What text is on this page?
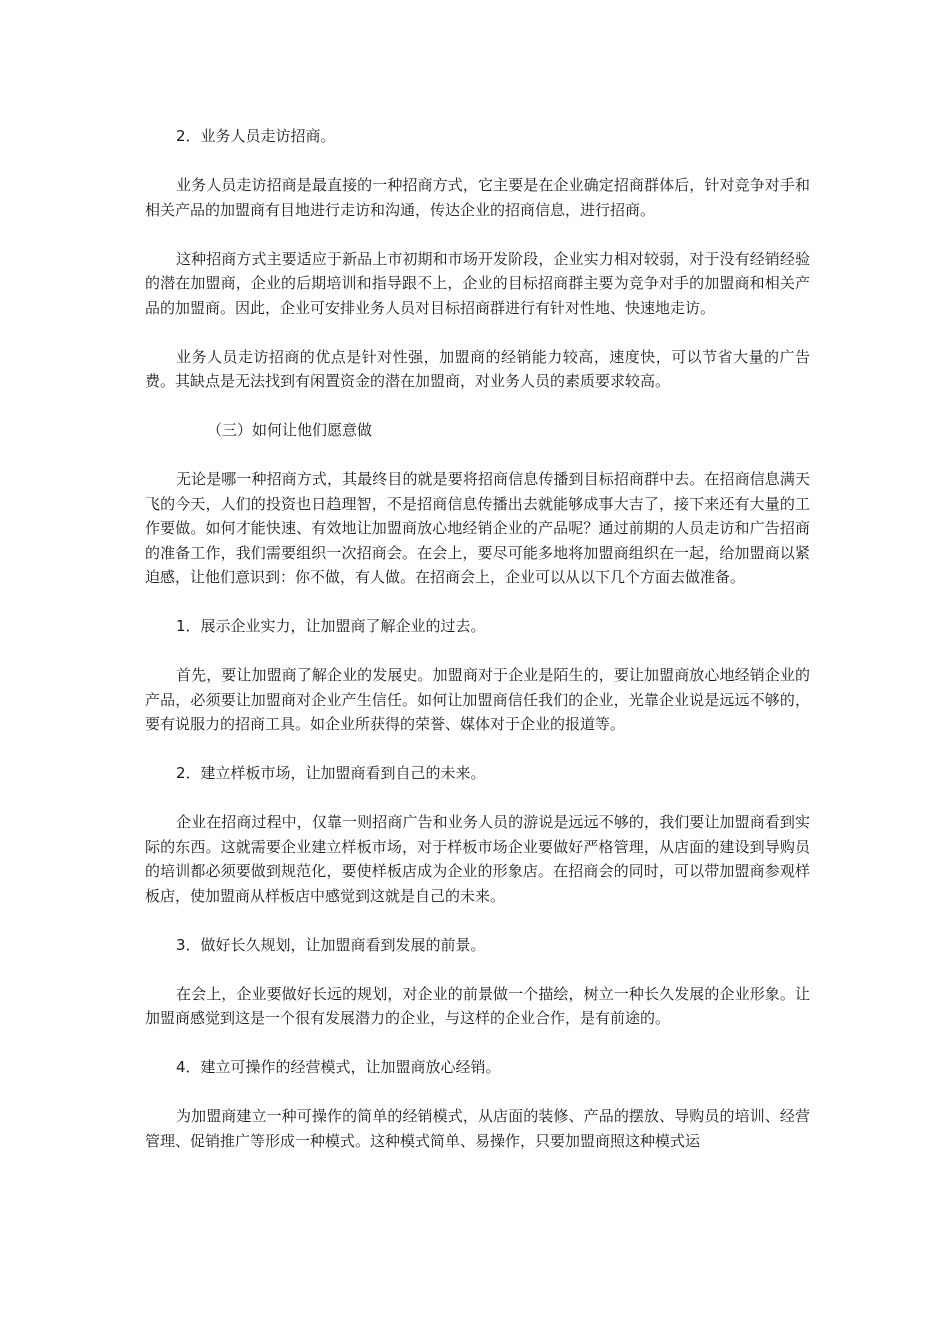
2．业务人员走访招商。

业务人员走访招商是最直接的一种招商方式，它主要是在企业确定招商群体后，针对竞争对手和相关产品的加盟商有目地进行走访和沟通，传达企业的招商信息，进行招商。

这种招商方式主要适应于新品上市初期和市场开发阶段，企业实力相对较弱，对于没有经销经验的潜在加盟商，企业的后期培训和指导跟不上，企业的目标招商群主要为竞争对手的加盟商和相关产品的加盟商。因此，企业可安排业务人员对目标招商群进行有针对性地、快速地走访。

业务人员走访招商的优点是针对性强，加盟商的经销能力较高，速度快，可以节省大量的广告费。其缺点是无法找到有闲置资金的潜在加盟商，对业务人员的素质要求较高。

（三）如何让他们愿意做

无论是哪一种招商方式，其最终目的就是要将招商信息传播到目标招商群中去。在招商信息满天飞的今天，人们的投资也日趋理智，不是招商信息传播出去就能够成事大吉了，接下来还有大量的工作要做。如何才能快速、有效地让加盟商放心地经销企业的产品呢？通过前期的人员走访和广告招商的准备工作，我们需要组织一次招商会。在会上，要尽可能多地将加盟商组织在一起，给加盟商以紧迫感，让他们意识到：你不做，有人做。在招商会上，企业可以从以下几个方面去做准备。

1．展示企业实力，让加盟商了解企业的过去。

首先，要让加盟商了解企业的发展史。加盟商对于企业是陌生的，要让加盟商放心地经销企业的产品，必须要让加盟商对企业产生信任。如何让加盟商信任我们的企业，光靠企业说是远远不够的，要有说服力的招商工具。如企业所获得的荣誉、媒体对于企业的报道等。

2．建立样板市场，让加盟商看到自己的未来。

企业在招商过程中，仅靠一则招商广告和业务人员的游说是远远不够的，我们要让加盟商看到实际的东西。这就需要企业建立样板市场，对于样板市场企业要做好严格管理，从店面的建设到导购员的培训都必须要做到规范化，要使样板店成为企业的形象店。在招商会的同时，可以带加盟商参观样板店，使加盟商从样板店中感觉到这就是自己的未来。

3．做好长久规划，让加盟商看到发展的前景。

在会上，企业要做好长远的规划，对企业的前景做一个描绘，树立一种长久发展的企业形象。让加盟商感觉到这是一个很有发展潜力的企业，与这样的企业合作，是有前途的。

4．建立可操作的经营模式，让加盟商放心经销。

为加盟商建立一种可操作的简单的经销模式，从店面的装修、产品的摆放、导购员的培训、经营管理、促销推广等形成一种模式。这种模式简单、易操作，只要加盟商照这种模式运
